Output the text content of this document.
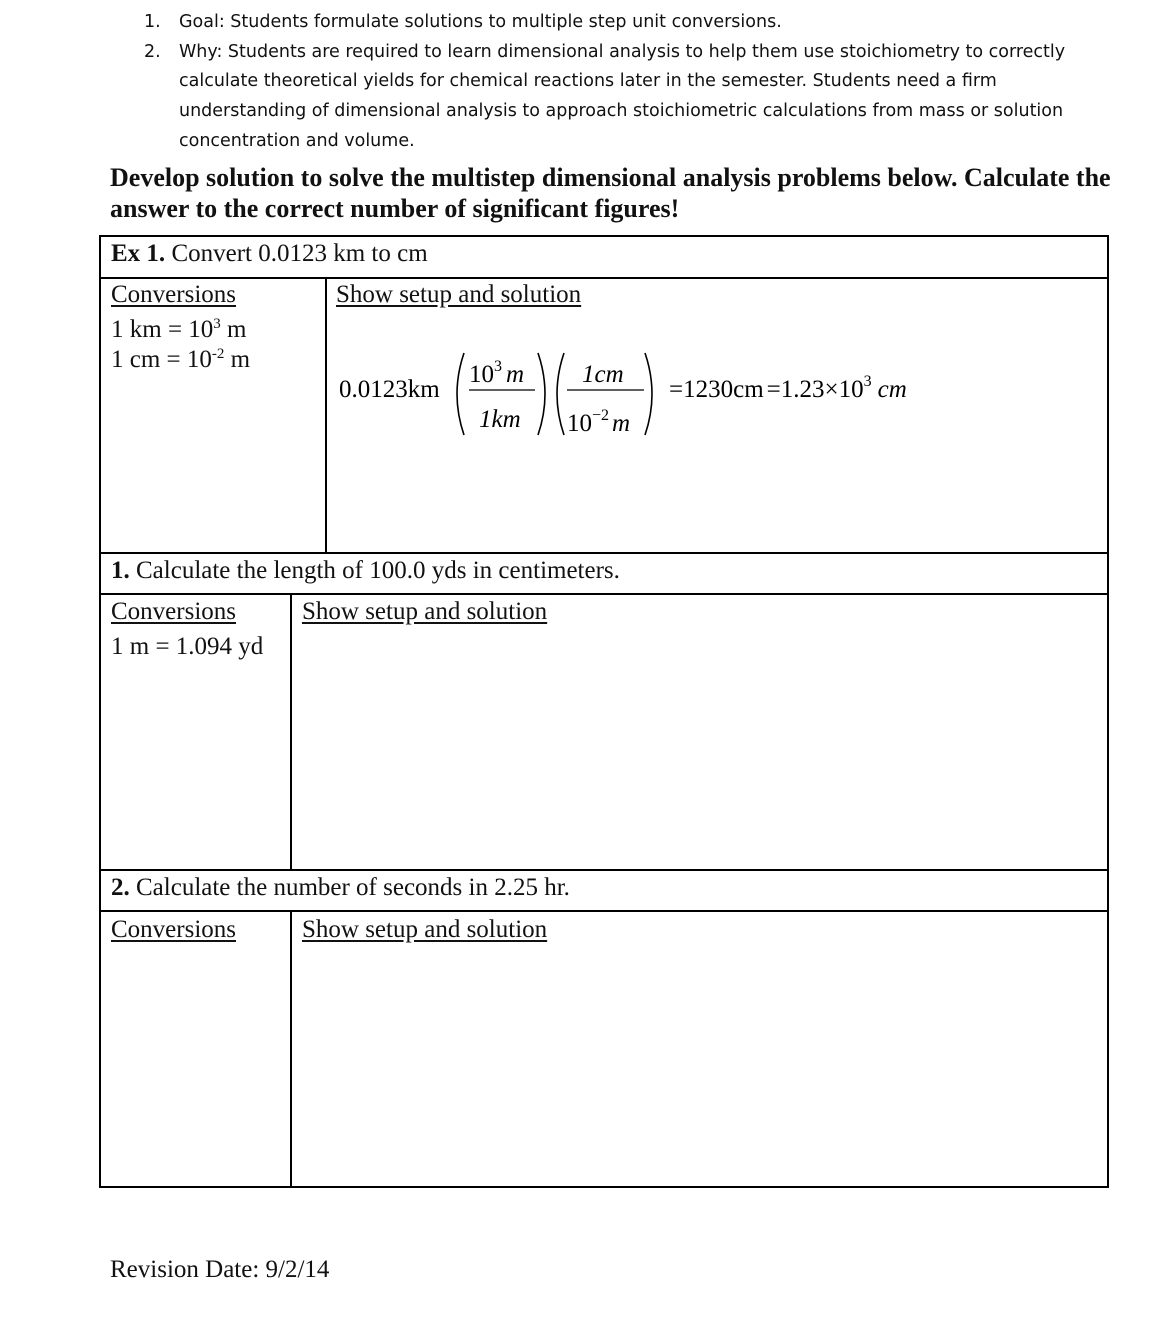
1. Goal: Students formulate solutions to multiple step unit conversions.
2. Why: Students are required to learn dimensional analysis to help them use stoichiometry to correctly calculate theoretical yields for chemical reactions later in the semester. Students need a firm understanding of dimensional analysis to approach stoichiometric calculations from mass or solution concentration and volume.
Develop solution to solve the multistep dimensional analysis problems below. Calculate the answer to the correct number of significant figures!
Ex 1. Convert 0.0123 km to cm
Conversions
1 km = $10^3$ m
1 cm = $10^{-2}$ m
Show setup and solution
0.0123km
$10^3$ m
1km
1cm
$10^{-2}$ m
$=1230cm =1.23\times 10^3$ cm
1. Calculate the length of 100.0 yds in centimeters.
Conversions
1 m = 1.094 yd
Show setup and solution
2. Calculate the number of seconds in 2.25 hr.
Conversions	Show setup and solution
Revision Date: 9/2/14
